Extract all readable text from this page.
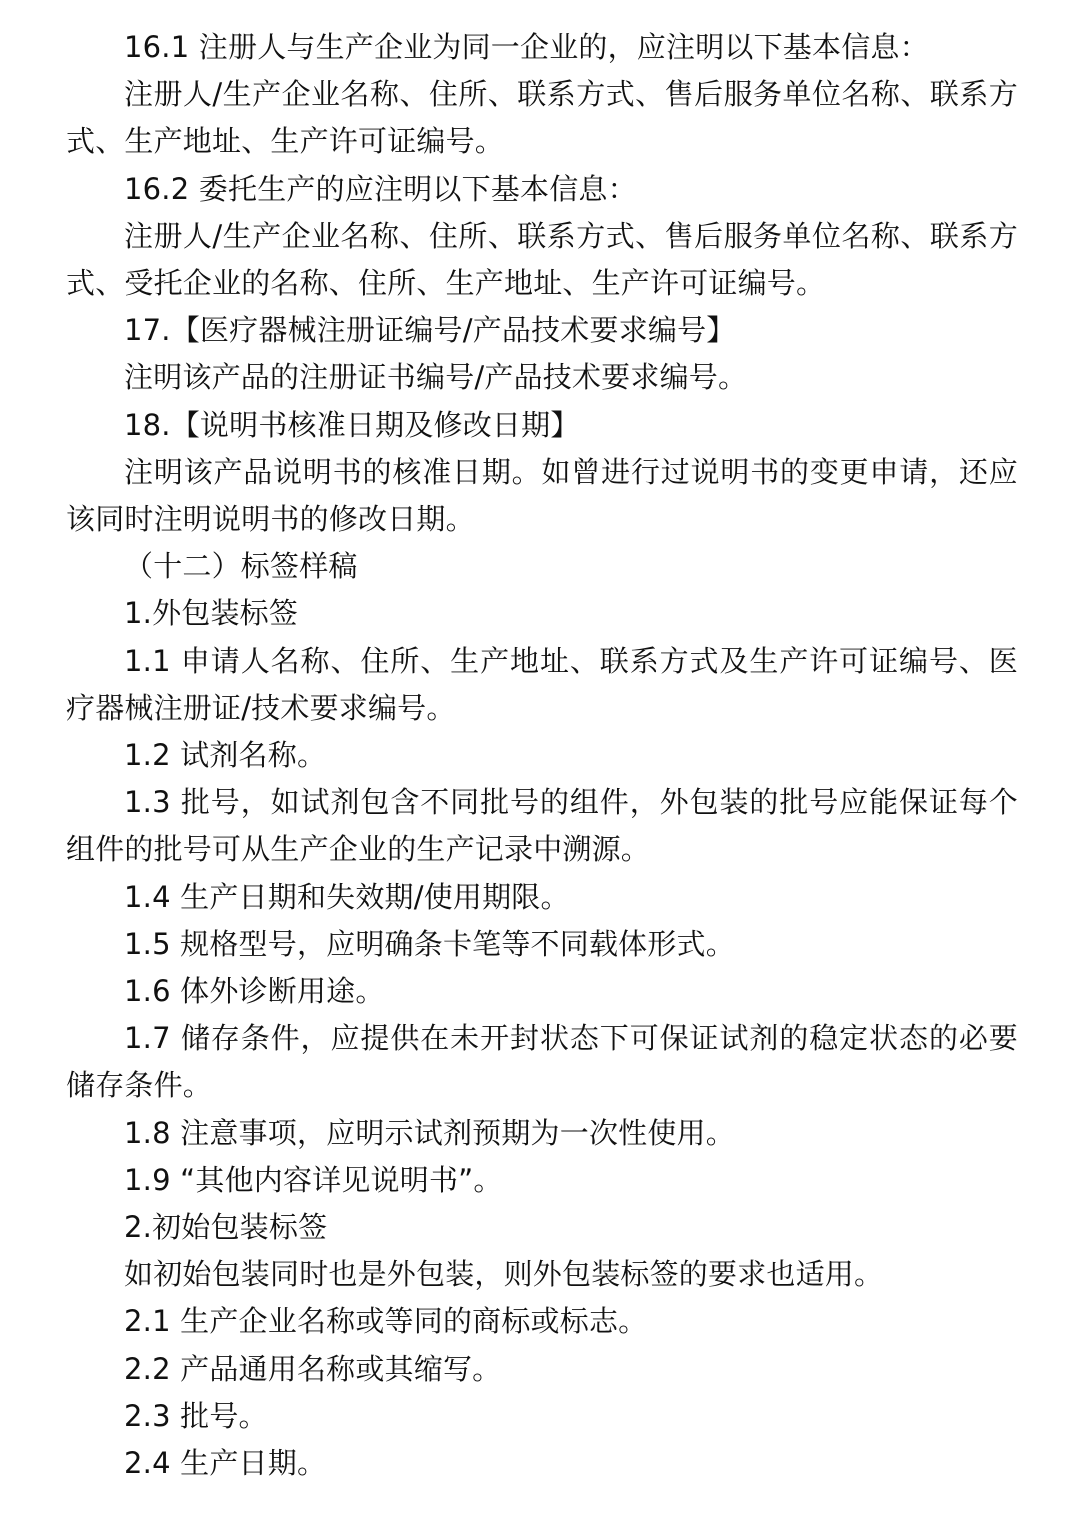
16.1 注册人与生产企业为同一企业的，应注明以下基本信息：

注册人/生产企业名称、住所、联系方式、售后服务单位名称、联系方式、生产地址、生产许可证编号。

16.2 委托生产的应注明以下基本信息：

注册人/生产企业名称、住所、联系方式、售后服务单位名称、联系方式、受托企业的名称、住所、生产地址、生产许可证编号。

17.【医疗器械注册证编号/产品技术要求编号】

注明该产品的注册证书编号/产品技术要求编号。

18.【说明书核准日期及修改日期】

注明该产品说明书的核准日期。如曾进行过说明书的变更申请，还应该同时注明说明书的修改日期。

（十二）标签样稿

1.外包装标签

1.1 申请人名称、住所、生产地址、联系方式及生产许可证编号、医疗器械注册证/技术要求编号。

1.2 试剂名称。

1.3 批号，如试剂包含不同批号的组件，外包装的批号应能保证每个组件的批号可从生产企业的生产记录中溯源。

1.4 生产日期和失效期/使用期限。

1.5 规格型号，应明确条卡笔等不同载体形式。

1.6 体外诊断用途。

1.7 储存条件，应提供在未开封状态下可保证试剂的稳定状态的必要储存条件。

1.8 注意事项，应明示试剂预期为一次性使用。

1.9 “其他内容详见说明书”。

2.初始包装标签

如初始包装同时也是外包装，则外包装标签的要求也适用。

2.1 生产企业名称或等同的商标或标志。

2.2 产品通用名称或其缩写。

2.3 批号。

2.4 生产日期。
